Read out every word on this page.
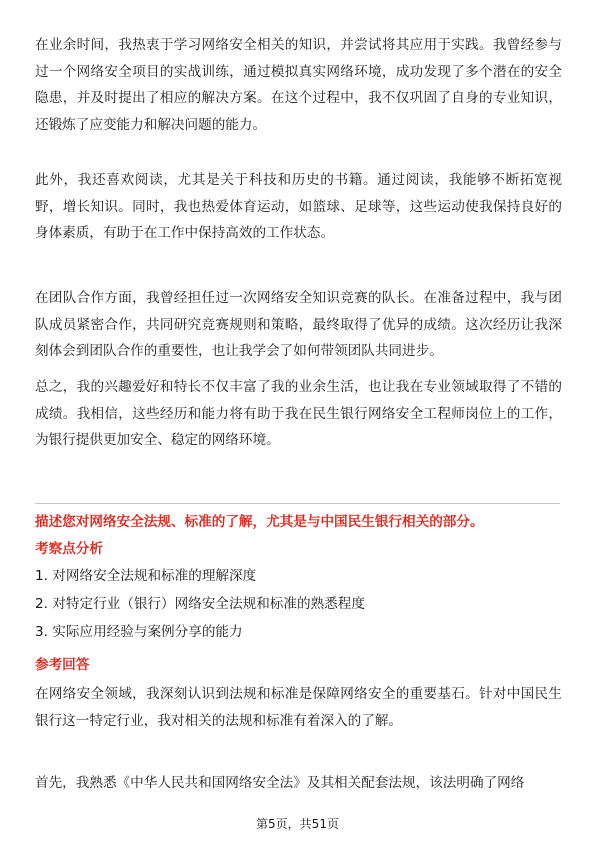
在业余时间，我热衷于学习网络安全相关的知识，并尝试将其应用于实践。我曾经参与过一个网络安全项目的实战训练，通过模拟真实网络环境，成功发现了多个潜在的安全隐患，并及时提出了相应的解决方案。在这个过程中，我不仅巩固了自身的专业知识，还锻炼了应变能力和解决问题的能力。

此外，我还喜欢阅读，尤其是关于科技和历史的书籍。通过阅读，我能够不断拓宽视野，增长知识。同时，我也热爱体育运动，如篮球、足球等，这些运动使我保持良好的身体素质，有助于在工作中保持高效的工作状态。

在团队合作方面，我曾经担任过一次网络安全知识竞赛的队长。在准备过程中，我与团队成员紧密合作，共同研究竞赛规则和策略，最终取得了优异的成绩。这次经历让我深刻体会到团队合作的重要性，也让我学会了如何带领团队共同进步。

总之，我的兴趣爱好和特长不仅丰富了我的业余生活，也让我在专业领域取得了不错的成绩。我相信，这些经历和能力将有助于我在民生银行网络安全工程师岗位上的工作，为银行提供更加安全、稳定的网络环境。

描述您对网络安全法规、标准的了解，尤其是与中国民生银行相关的部分。

考察点分析

1. 对网络安全法规和标准的理解深度

2. 对特定行业（银行）网络安全法规和标准的熟悉程度

3. 实际应用经验与案例分享的能力

参考回答

在网络安全领域，我深刻认识到法规和标准是保障网络安全的重要基石。针对中国民生银行这一特定行业，我对相关的法规和标准有着深入的了解。

首先，我熟悉《中华人民共和国网络安全法》及其相关配套法规，该法明确了网络

第5页，共51页
